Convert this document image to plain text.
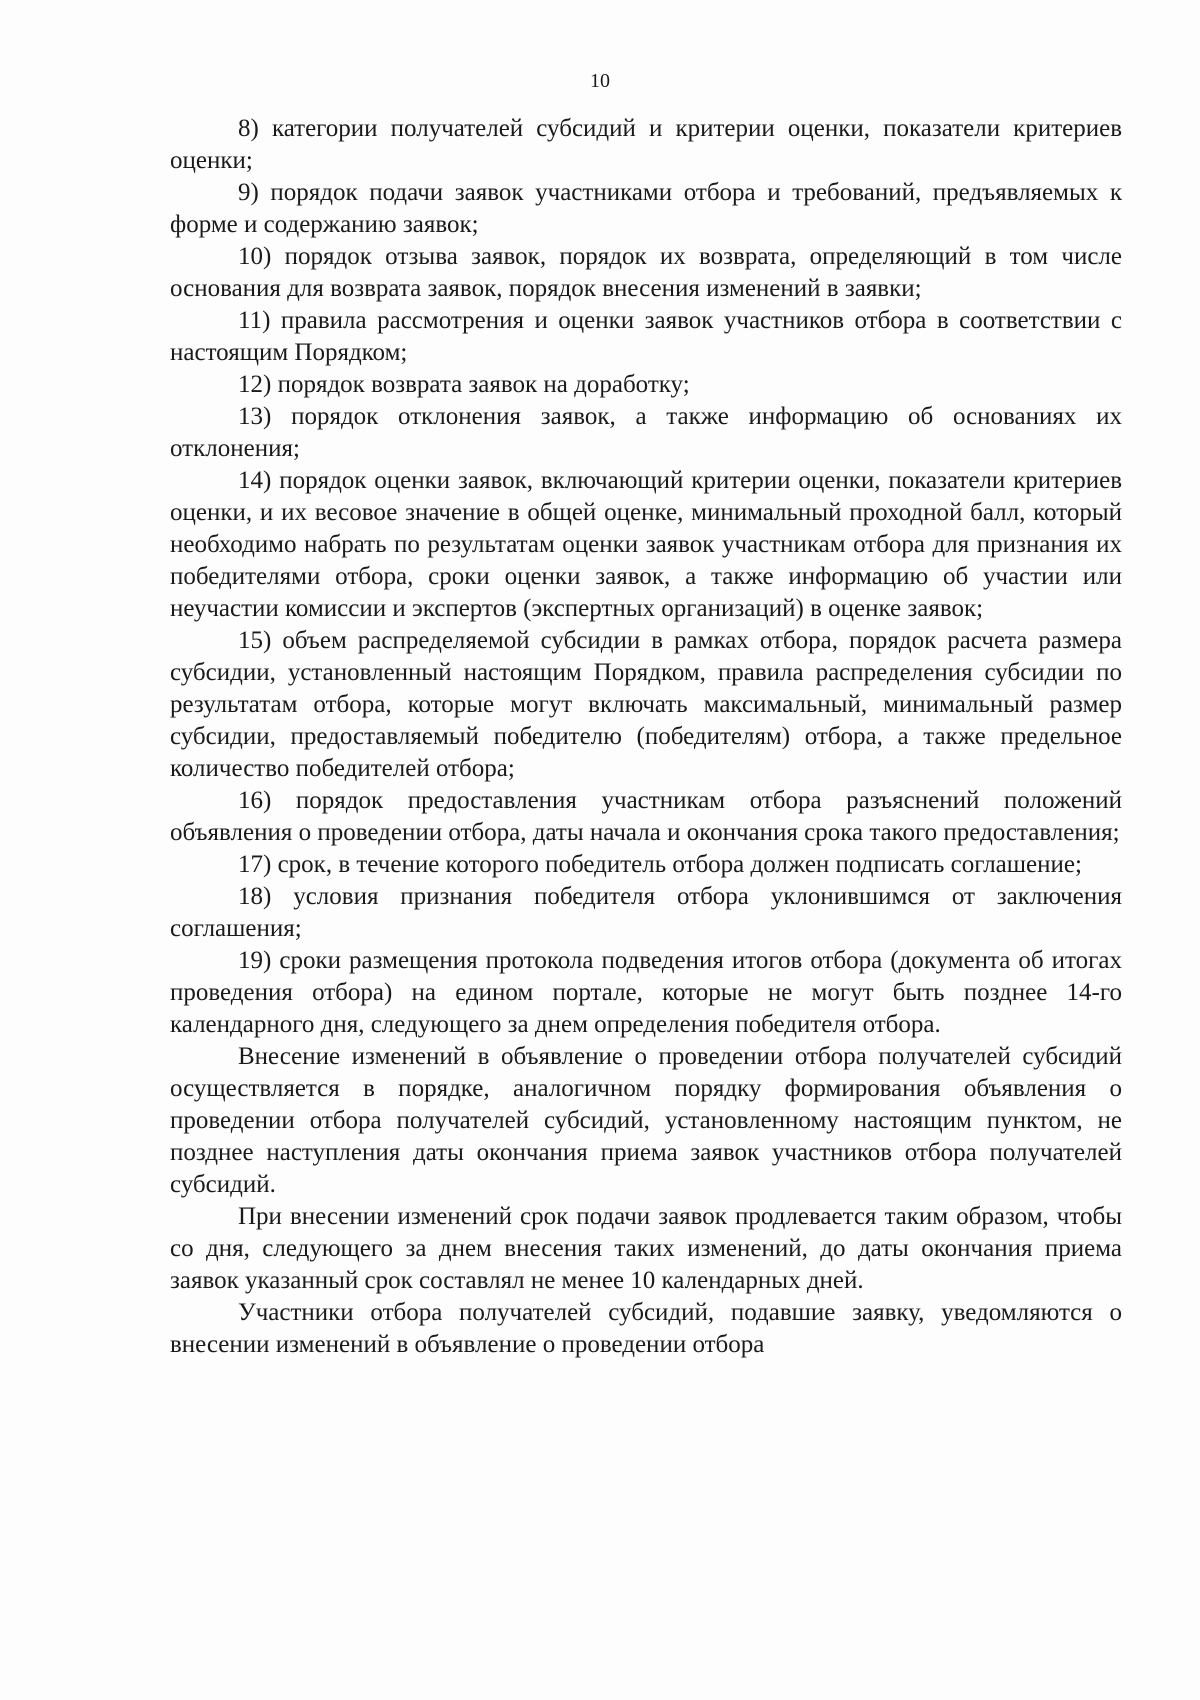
10

8) категории получателей субсидий и критерии оценки, показатели критериев оценки;

9) порядок подачи заявок участниками отбора и требований, предъявляемых к форме и содержанию заявок;

10) порядок отзыва заявок, порядок их возврата, определяющий в том числе основания для возврата заявок, порядок внесения изменений в заявки;

11) правила рассмотрения и оценки заявок участников отбора в соответствии с настоящим Порядком;

12) порядок возврата заявок на доработку;

13) порядок отклонения заявок, а также информацию об основаниях их отклонения;

14) порядок оценки заявок, включающий критерии оценки, показатели критериев оценки, и их весовое значение в общей оценке, минимальный проходной балл, который необходимо набрать по результатам оценки заявок участникам отбора для признания их победителями отбора, сроки оценки заявок, а также информацию об участии или неучастии комиссии и экспертов (экспертных организаций) в оценке заявок;

15) объем распределяемой субсидии в рамках отбора, порядок расчета размера субсидии, установленный настоящим Порядком, правила распределения субсидии по результатам отбора, которые могут включать максимальный, минимальный размер субсидии, предоставляемый победителю (победителям) отбора, а также предельное количество победителей отбора;

16) порядок предоставления участникам отбора разъяснений положений объявления о проведении отбора, даты начала и окончания срока такого предоставления;

17) срок, в течение которого победитель отбора должен подписать соглашение;

18) условия признания победителя отбора уклонившимся от заключения соглашения;

19) сроки размещения протокола подведения итогов отбора (документа об итогах проведения отбора) на едином портале, которые не могут быть позднее 14-го календарного дня, следующего за днем определения победителя отбора.

Внесение изменений в объявление о проведении отбора получателей субсидий осуществляется в порядке, аналогичном порядку формирования объявления о проведении отбора получателей субсидий, установленному настоящим пунктом, не позднее наступления даты окончания приема заявок участников отбора получателей субсидий.

При внесении изменений срок подачи заявок продлевается таким образом, чтобы со дня, следующего за днем внесения таких изменений, до даты окончания приема заявок указанный срок составлял не менее 10 календарных дней.

Участники отбора получателей субсидий, подавшие заявку, уведомляются о внесении изменений в объявление о проведении отбора
